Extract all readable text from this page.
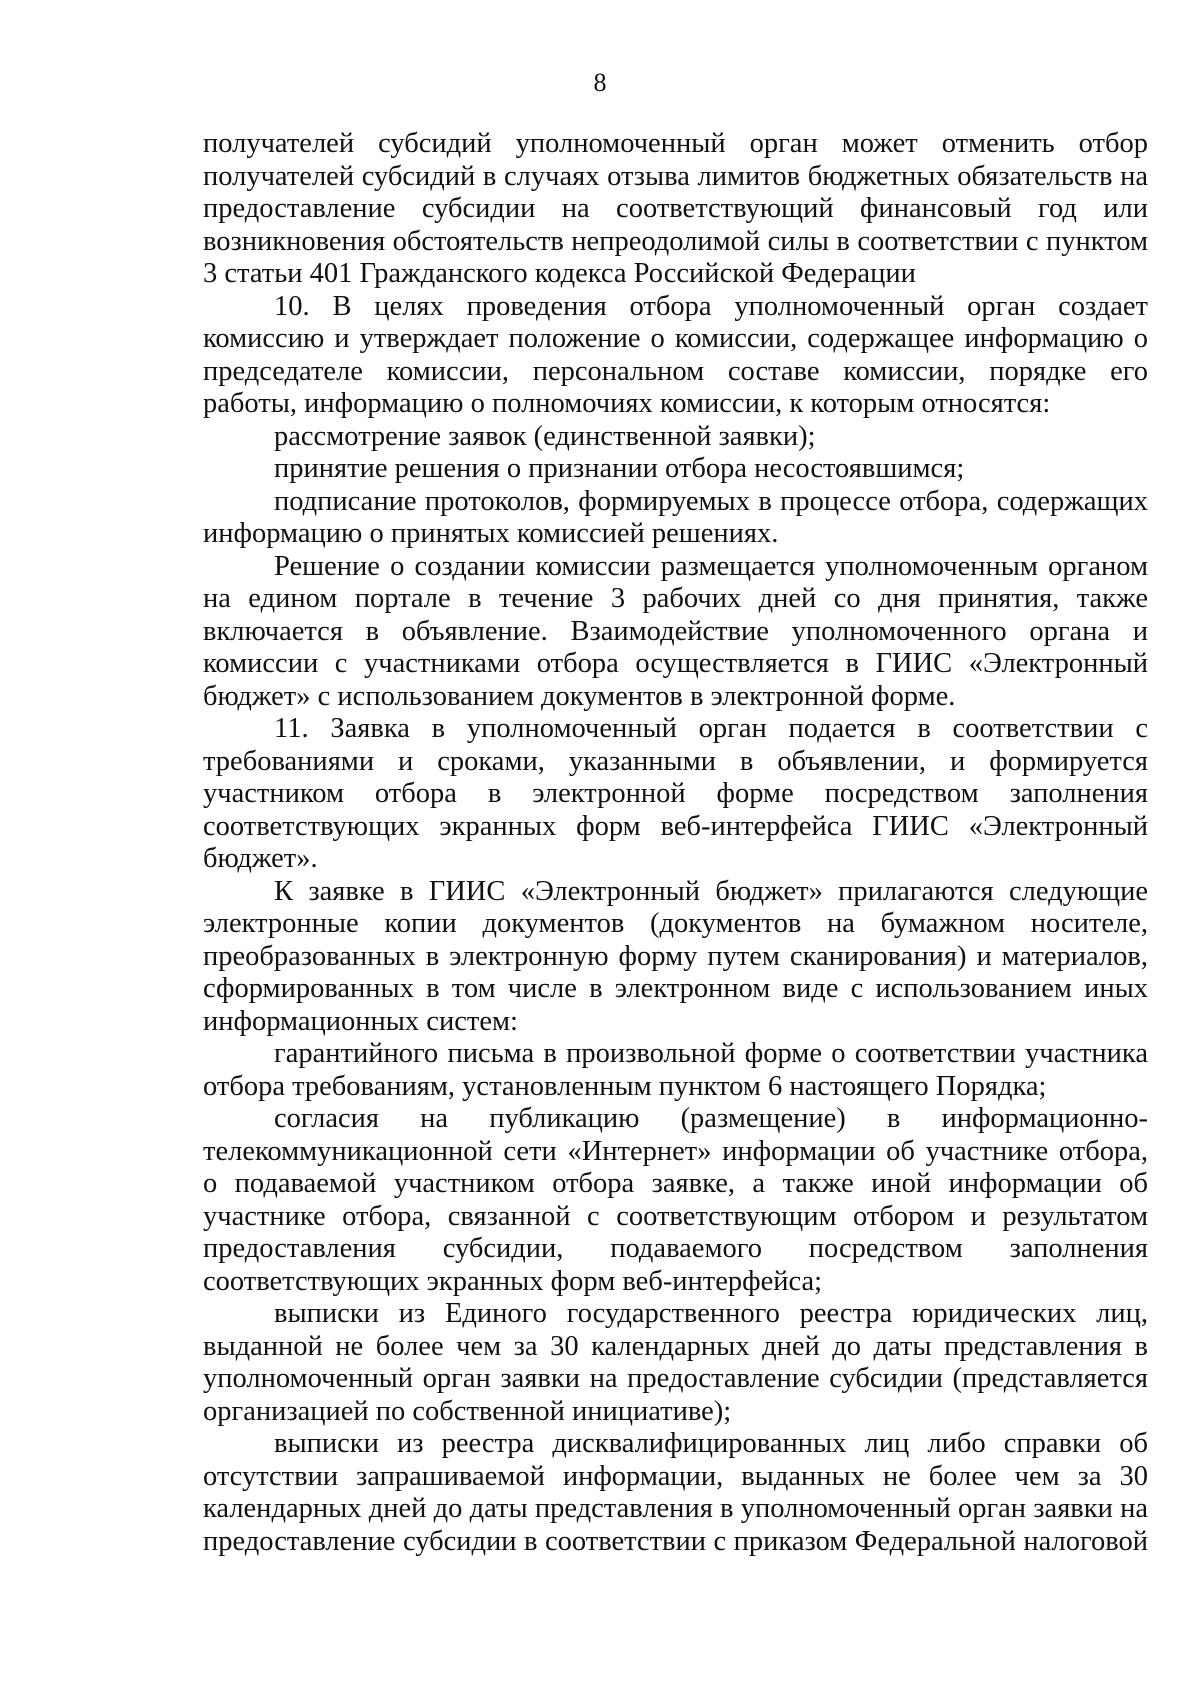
8

получателей субсидий уполномоченный орган может отменить отбор получателей субсидий в случаях отзыва лимитов бюджетных обязательств на предоставление субсидии на соответствующий финансовый год или возникновения обстоятельств непреодолимой силы в соответствии с пунктом 3 статьи 401 Гражданского кодекса Российской Федерации

10. В целях проведения отбора уполномоченный орган создает комиссию и утверждает положение о комиссии, содержащее информацию о председателе комиссии, персональном составе комиссии, порядке его работы, информацию о полномочиях комиссии, к которым относятся:

рассмотрение заявок (единственной заявки);

принятие решения о признании отбора несостоявшимся;

подписание протоколов, формируемых в процессе отбора, содержащих информацию о принятых комиссией решениях.

Решение о создании комиссии размещается уполномоченным органом на едином портале в течение 3 рабочих дней со дня принятия, также включается в объявление. Взаимодействие уполномоченного органа и комиссии с участниками отбора осуществляется в ГИИС «Электронный бюджет» с использованием документов в электронной форме.

11. Заявка в уполномоченный орган подается в соответствии с требованиями и сроками, указанными в объявлении, и формируется участником отбора в электронной форме посредством заполнения соответствующих экранных форм веб-интерфейса ГИИС «Электронный бюджет».

К заявке в ГИИС «Электронный бюджет» прилагаются следующие электронные копии документов (документов на бумажном носителе, преобразованных в электронную форму путем сканирования) и материалов, сформированных в том числе в электронном виде с использованием иных информационных систем:

гарантийного письма в произвольной форме о соответствии участника отбора требованиям, установленным пунктом 6 настоящего Порядка;

согласия на публикацию (размещение) в информационно-телекоммуникационной сети «Интернет» информации об участнике отбора, о подаваемой участником отбора заявке, а также иной информации об участнике отбора, связанной с соответствующим отбором и результатом предоставления субсидии, подаваемого посредством заполнения соответствующих экранных форм веб-интерфейса;

выписки из Единого государственного реестра юридических лиц, выданной не более чем за 30 календарных дней до даты представления в уполномоченный орган заявки на предоставление субсидии (представляется организацией по собственной инициативе);

выписки из реестра дисквалифицированных лиц либо справки об отсутствии запрашиваемой информации, выданных не более чем за 30 календарных дней до даты представления в уполномоченный орган заявки на предоставление субсидии в соответствии с приказом Федеральной налоговой
